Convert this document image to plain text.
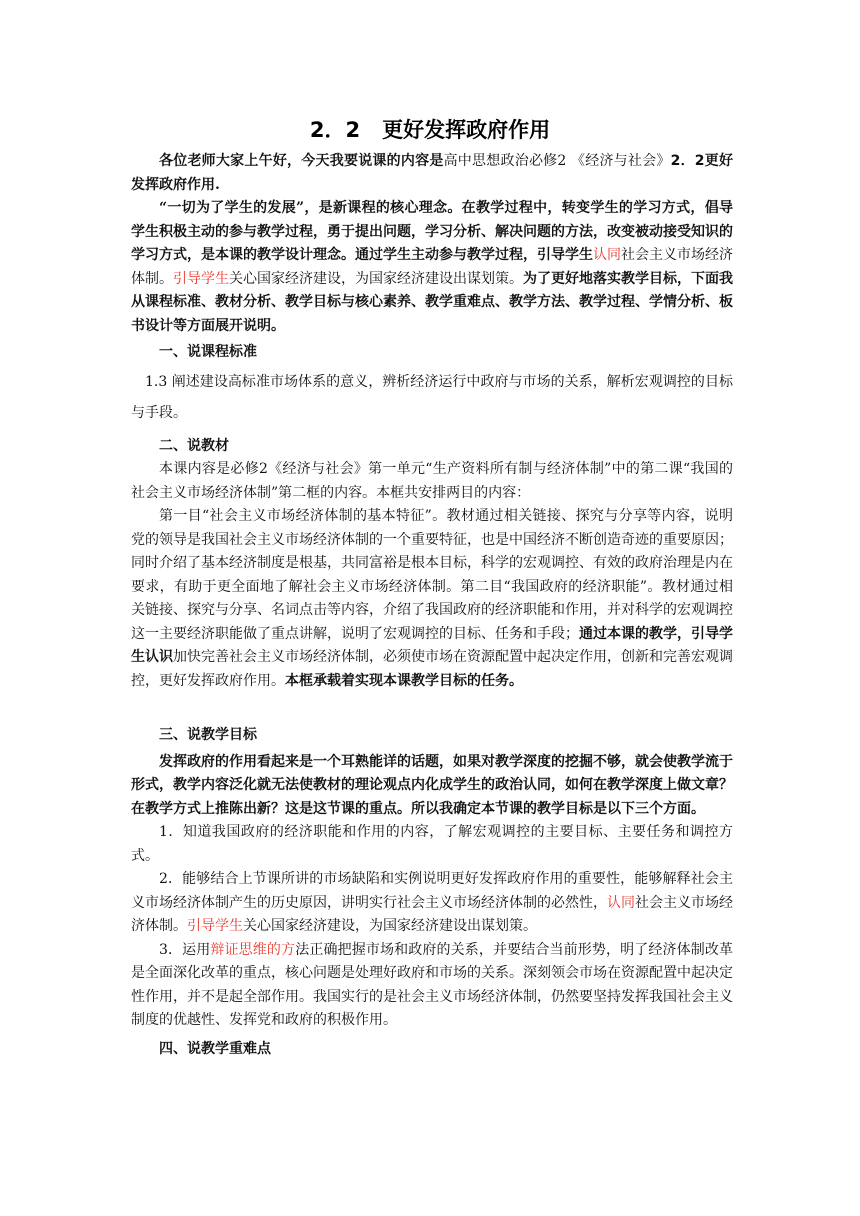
2．2 更好发挥政府作用

各位老师大家上午好，今天我要说课的内容是高中思想政治必修2 《经济与社会》2．2更好发挥政府作用.

“一切为了学生的发展”，是新课程的核心理念。在教学过程中，转变学生的学习方式，倡导学生积极主动的参与教学过程，勇于提出问题，学习分析、解决问题的方法，改变被动接受知识的学习方式，是本课的教学设计理念。通过学生主动参与教学过程，引导学生认同社会主义市场经济体制。引导学生关心国家经济建设，为国家经济建设出谋划策。为了更好地落实教学目标，下面我从课程标准、教材分析、教学目标与核心素养、教学重难点、教学方法、教学过程、学情分析、板书设计等方面展开说明。

一、说课程标准

1.3 阐述建设高标准市场体系的意义，辨析经济运行中政府与市场的关系，解析宏观调控的目标与手段。

二、说教材

本课内容是必修2《经济与社会》第一单元“生产资料所有制与经济体制”中的第二课“我国的社会主义市场经济体制”第二框的内容。本框共安排两目的内容：

第一目“社会主义市场经济体制的基本特征”。教材通过相关链接、探究与分享等内容，说明党的领导是我国社会主义市场经济体制的一个重要特征，也是中国经济不断创造奇迹的重要原因；同时介绍了基本经济制度是根基，共同富裕是根本目标，科学的宏观调控、有效的政府治理是内在要求，有助于更全面地了解社会主义市场经济体制。第二目“我国政府的经济职能”。教材通过相关链接、探究与分享、名词点击等内容，介绍了我国政府的经济职能和作用，并对科学的宏观调控这一主要经济职能做了重点讲解，说明了宏观调控的目标、任务和手段；通过本课的教学，引导学生认识加快完善社会主义市场经济体制，必须使市场在资源配置中起决定作用，创新和完善宏观调控，更好发挥政府作用。本框承载着实现本课教学目标的任务。

三、说教学目标

发挥政府的作用看起来是一个耳熟能详的话题，如果对教学深度的挖掘不够，就会使教学流于形式，教学内容泛化就无法使教材的理论观点内化成学生的政治认同，如何在教学深度上做文章？在教学方式上推陈出新？这是这节课的重点。所以我确定本节课的教学目标是以下三个方面。

1．知道我国政府的经济职能和作用的内容，了解宏观调控的主要目标、主要任务和调控方式。

2．能够结合上节课所讲的市场缺陷和实例说明更好发挥政府作用的重要性，能够解释社会主义市场经济体制产生的历史原因，讲明实行社会主义市场经济体制的必然性，认同社会主义市场经济体制。引导学生关心国家经济建设，为国家经济建设出谋划策。

3．运用辩证思维的方法正确把握市场和政府的关系，并要结合当前形势，明了经济体制改革是全面深化改革的重点，核心问题是处理好政府和市场的关系。深刻领会市场在资源配置中起决定性作用，并不是起全部作用。我国实行的是社会主义市场经济体制，仍然要坚持发挥我国社会主义制度的优越性、发挥党和政府的积极作用。

四、说教学重难点
